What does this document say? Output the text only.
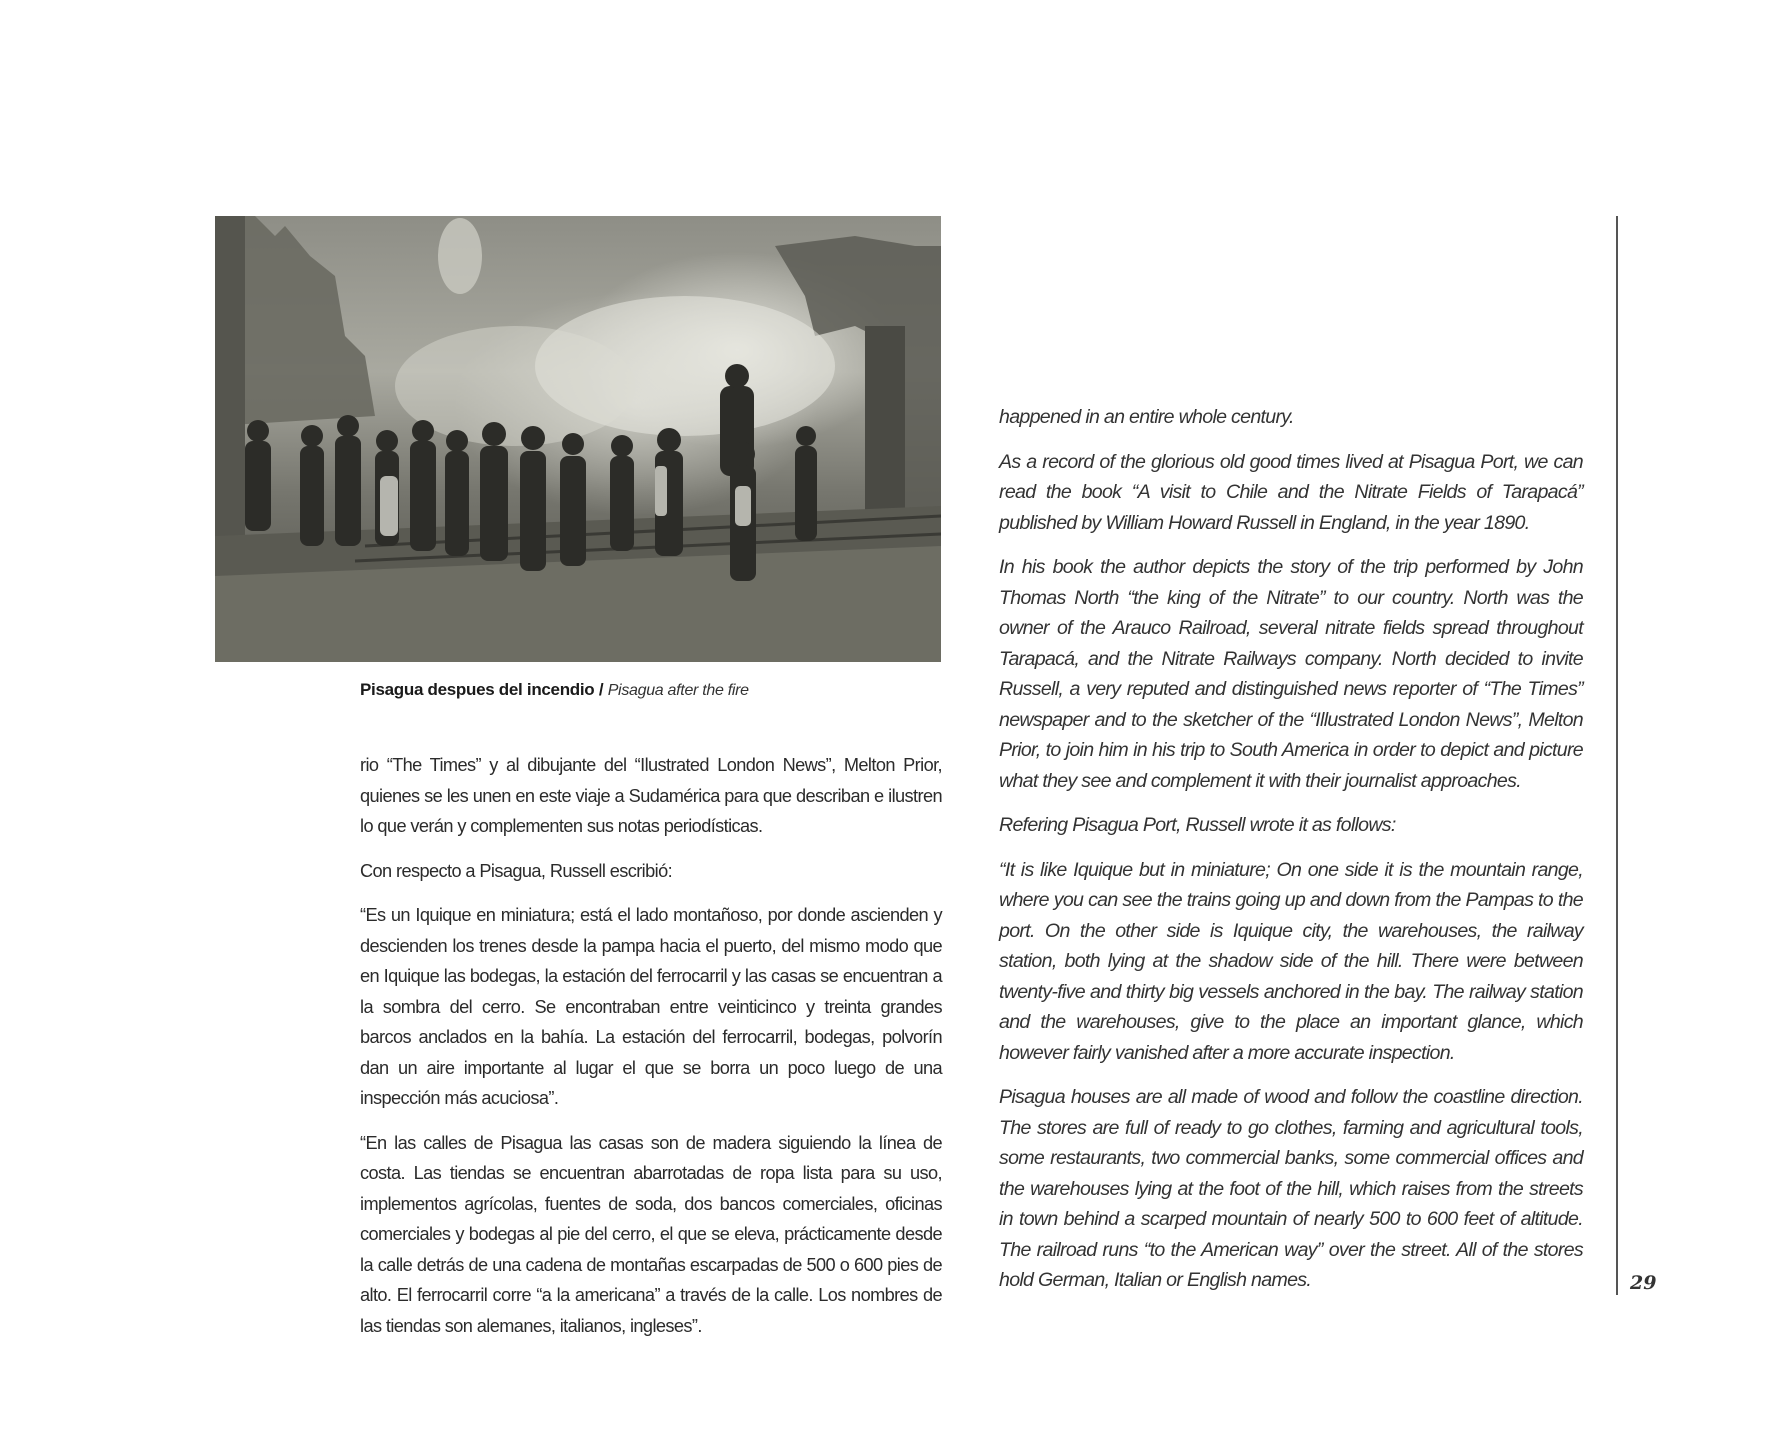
Pisagua despues del incendio / Pisagua after the fire

rio “The Times” y al dibujante del “Ilustrated London News”, Melton Prior, quienes se les unen en este viaje a Sudamérica para que describan e ilustren lo que verán y complementen sus notas periodísticas.

Con respecto a Pisagua, Russell escribió:

“Es un Iquique en miniatura; está el lado montañoso, por donde ascienden y descienden los trenes desde la pampa hacia el puerto, del mismo modo que en Iquique las bodegas, la estación del ferrocarril y las casas se encuentran a la sombra del cerro. Se encontraban entre veinticinco y treinta grandes barcos anclados en la bahía. La estación del ferrocarril, bodegas, polvorín dan un aire importante al lugar el que se borra un poco luego de una inspección más acuciosa”.

“En las calles de Pisagua las casas son de madera siguiendo la línea de costa. Las tiendas se encuentran abarrotadas de ropa lista para su uso, implementos agrícolas, fuentes de soda, dos bancos comerciales, oficinas comerciales y bodegas al pie del cerro, el que se eleva, prácticamente desde la calle detrás de una cadena de montañas escarpadas de 500 o 600 pies de alto. El ferrocarril corre “a la americana” a través de la calle. Los nombres de las tiendas son alemanes, italianos, ingleses”.

happened in an entire whole century.

As a record of the glorious old good times lived at Pisagua Port, we can read the book “A visit to Chile and the Nitrate Fields of Tarapacá” published by William Howard Russell in England, in the year 1890.

In his book the author depicts the story of the trip performed by John Thomas North “the king of the Nitrate” to our country. North was the owner of the Arauco Railroad, several nitrate fields spread throughout Tarapacá, and the Nitrate Railways company. North decided to invite Russell, a very reputed and distinguished news reporter of “The Times” newspaper and to the sketcher of the “Illustrated London News”, Melton Prior, to join him in his trip to South America in order to depict and picture what they see and complement it with their journalist approaches.

Refering Pisagua Port, Russell wrote it as follows:

“It is like Iquique but in miniature; On one side it is the mountain range, where you can see the trains going up and down from the Pampas to the port. On the other side is Iquique city, the warehouses, the railway station, both lying at the shadow side of the hill. There were between twenty-five and thirty big vessels anchored in the bay. The railway station and the warehouses, give to the place an important glance, which however fairly vanished after a more accurate inspection.

Pisagua houses are all made of wood and follow the coastline direction. The stores are full of ready to go clothes, farming and agricultural tools, some restaurants, two commercial banks, some commercial offices and the warehouses lying at the foot of the hill, which raises from the streets in town behind a scarped mountain of nearly 500 to 600 feet of altitude. The railroad runs “to the American way” over the street. All of the stores hold German, Italian or English names.	29
